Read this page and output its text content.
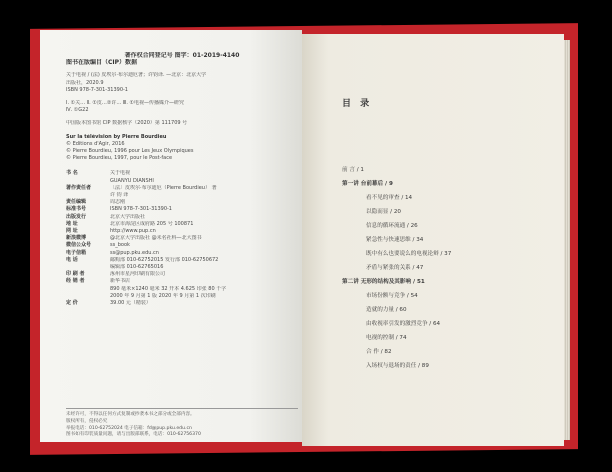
著作权合同登记号 图字：01-2019-4140
图书在版编目（CIP）数据
关于电视 / (法) 皮埃尔·布尔迪厄著；许钧译. —北京：北京大学
出版社，2020.9
ISBN 978-7-301-31390-1
Ⅰ. ①关… Ⅱ. ①皮…②许… Ⅲ. ①电视—传播媒介—研究
Ⅳ. ①G22
中国版本图书馆 CIP 数据核字（2020）第 111709 号
Sur la télévision by Pierre Bourdieu
© Éditions d'Agir, 2016
© Pierre Bourdieu, 1996 pour Les Jeux Olympiques
© Pierre Bourdieu, 1997, pour le Post-face
书 名	关于电视
GUANYU DIANSHI
著作责任者	〔法〕皮埃尔·布尔迪厄（Pierre Bourdieu） 著
许 钧 译
责任编辑	周志刚
标准书号	ISBN 978-7-301-31390-1
出版发行	北京大学出版社
地 址	北京市海淀区成府路 205 号 100871
网 址	http://www.pup.cn
新浪微博	@北京大学出版社 @未名社科—北大图书
微信公众号	ss_book
电子信箱	ss@pup.pku.edu.cn
电 话	邮购部 010-62752015 发行部 010-62750672
编辑部 010-62765016
印 刷 者	涿州市星河印刷有限公司
经 销 者	新华书店
890 毫米×1240 毫米 32 开本 4.625 印张 80 千字
2000 年 9 月第 1 版 2020 年 9 月第 1 次印刷
定 价	39.00 元（精装）
未经许可，不得以任何方式复制或抄袭本书之部分或全部内容。
版权所有，侵权必究
举报电话：010-62752024 电子信箱：fd@pup.pku.edu.cn
图书如有印装质量问题，请与出版部联系，电话：010-62756370
目 录
前 言 / 1
第一讲 台前幕后 / 9
看不见的审查 / 14
以隐而显 / 20
信息的循环流通 / 26
紧急性与快速思维 / 34
既中有么也要说么的电视论辩 / 37
矛盾与紧张的关系 / 47
第二讲 无形的结构及其影响 / 51
市场份额与竞争 / 54
造就的力量 / 60
由收视率引发的激烈竞争 / 64
电视的控制 / 74
合 作 / 82
入场权与退场的责任 / 89
